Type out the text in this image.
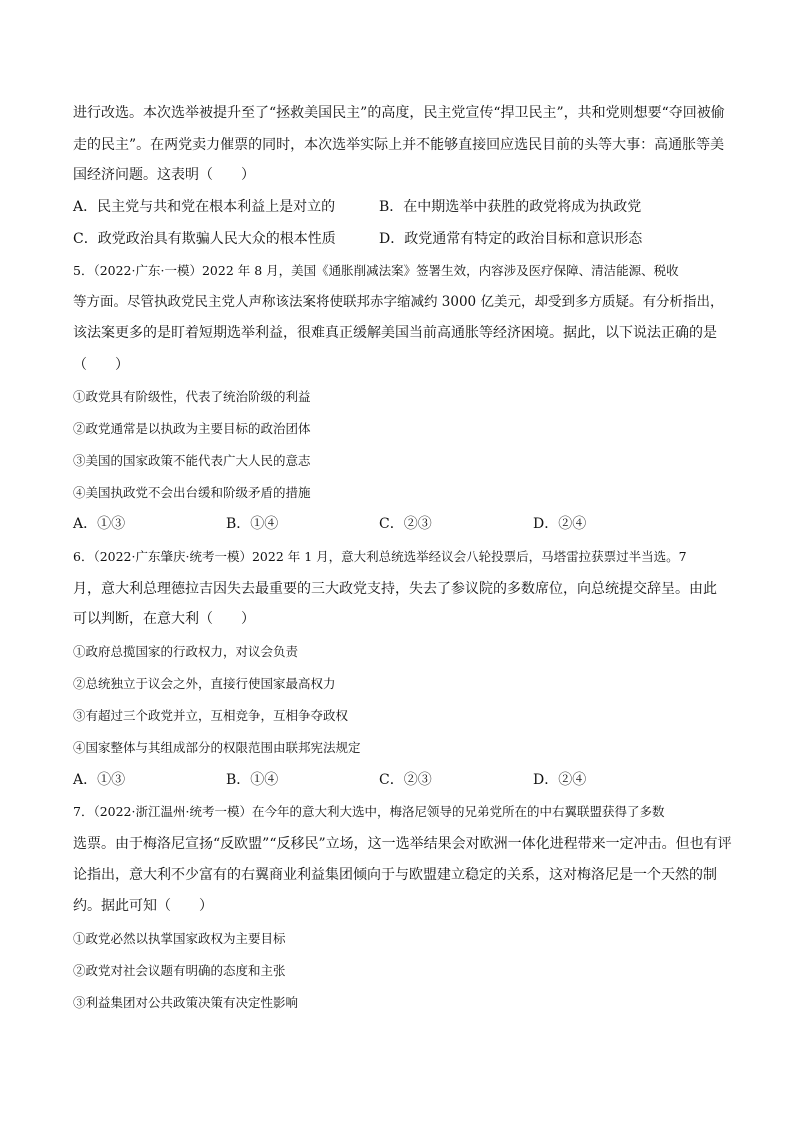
进行改选。本次选举被提升至了“拯救美国民主”的高度，民主党宣传“捍卫民主”，共和党则想要“夺回被偷
走的民主”。在两党卖力催票的同时，本次选举实际上并不能够直接回应选民目前的头等大事：高通胀等美
国经济问题。这表明（　　）
A．民主党与共和党在根本利益上是对立的	B．在中期选举中获胜的政党将成为执政党
C．政党政治具有欺骗人民大众的根本性质	D．政党通常有特定的政治目标和意识形态
5．（2022·广东·一模）2022 年 8 月，美国《通胀削减法案》签署生效，内容涉及医疗保障、清洁能源、税收
等方面。尽管执政党民主党人声称该法案将使联邦赤字缩减约 3000 亿美元，却受到多方质疑。有分析指出，
该法案更多的是盯着短期选举利益，很难真正缓解美国当前高通胀等经济困境。据此，以下说法正确的是
（　　）
①政党具有阶级性，代表了统治阶级的利益
②政党通常是以执政为主要目标的政治团体
③美国的国家政策不能代表广大人民的意志
④美国执政党不会出台缓和阶级矛盾的措施
A．①③	B．①④	C．②③	D．②④
6．（2022·广东肇庆·统考一模）2022 年 1 月，意大利总统选举经议会八轮投票后，马塔雷拉获票过半当选。7
月，意大利总理德拉吉因失去最重要的三大政党支持，失去了参议院的多数席位，向总统提交辞呈。由此
可以判断，在意大利（　　）
①政府总揽国家的行政权力，对议会负责
②总统独立于议会之外，直接行使国家最高权力
③有超过三个政党并立，互相竞争，互相争夺政权
④国家整体与其组成部分的权限范围由联邦宪法规定
A．①③	B．①④	C．②③	D．②④
7．（2022·浙江温州·统考一模）在今年的意大利大选中，梅洛尼领导的兄弟党所在的中右翼联盟获得了多数
选票。由于梅洛尼宣扬“反欧盟”“反移民”立场，这一选举结果会对欧洲一体化进程带来一定冲击。但也有评
论指出，意大利不少富有的右翼商业利益集团倾向于与欧盟建立稳定的关系，这对梅洛尼是一个天然的制
约。据此可知（　　）
①政党必然以执掌国家政权为主要目标
②政党对社会议题有明确的态度和主张
③利益集团对公共政策决策有决定性影响
